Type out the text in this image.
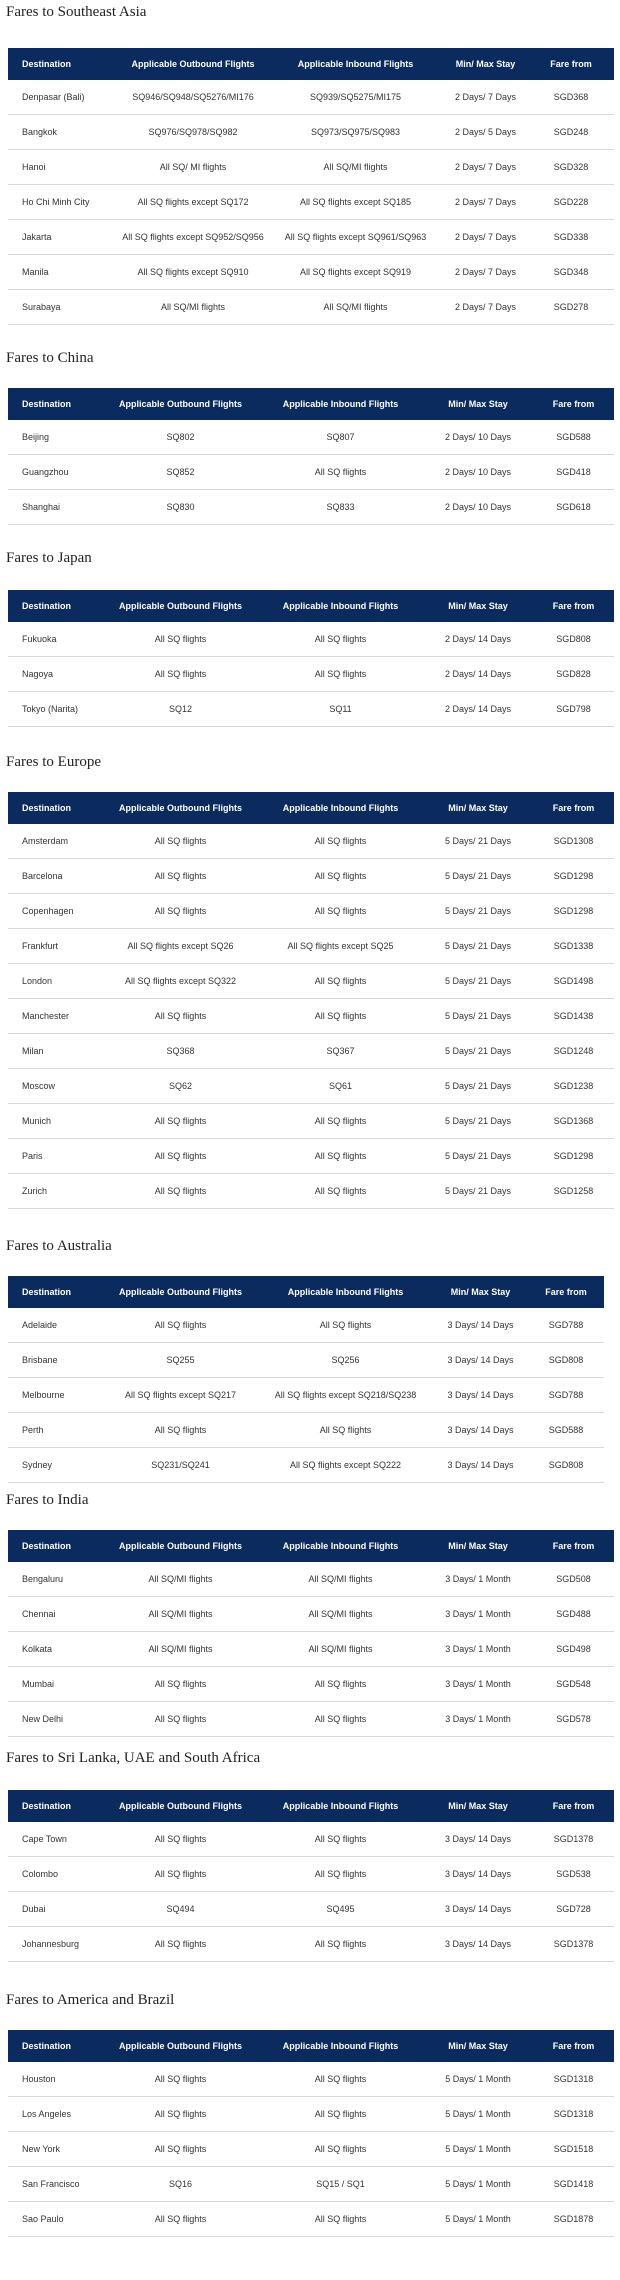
Fares to Southeast Asia
Destination	Applicable Outbound Flights	Applicable Inbound Flights	Min/ Max Stay	Fare from
Denpasar (Bali)	SQ946/SQ948/SQ5276/MI176	SQ939/SQ5275/MI175	2 Days/ 7 Days	SGD368
Bangkok	SQ976/SQ978/SQ982	SQ973/SQ975/SQ983	2 Days/ 5 Days	SGD248
Hanoi	All SQ/ MI flights	All SQ/MI flights	2 Days/ 7 Days	SGD328
Ho Chi Minh City	All SQ flights except SQ172	All SQ flights except SQ185	2 Days/ 7 Days	SGD228
Jakarta	All SQ flights except SQ952/SQ956	All SQ flights except SQ961/SQ963	2 Days/ 7 Days	SGD338
Manila	All SQ flights except SQ910	All SQ flights except SQ919	2 Days/ 7 Days	SGD348
Surabaya	All SQ/MI flights	All SQ/MI flights	2 Days/ 7 Days	SGD278
Fares to China
Destination	Applicable Outbound Flights	Applicable Inbound Flights	Min/ Max Stay	Fare from
Beijing	SQ802	SQ807	2 Days/ 10 Days	SGD588
Guangzhou	SQ852	All SQ flights	2 Days/ 10 Days	SGD418
Shanghai	SQ830	SQ833	2 Days/ 10 Days	SGD618
Fares to Japan
Destination	Applicable Outbound Flights	Applicable Inbound Flights	Min/ Max Stay	Fare from
Fukuoka	All SQ flights	All SQ flights	2 Days/ 14 Days	SGD808
Nagoya	All SQ flights	All SQ flights	2 Days/ 14 Days	SGD828
Tokyo (Narita)	SQ12	SQ11	2 Days/ 14 Days	SGD798
Fares to Europe
Destination	Applicable Outbound Flights	Applicable Inbound Flights	Min/ Max Stay	Fare from
Amsterdam	All SQ flights	All SQ flights	5 Days/ 21 Days	SGD1308
Barcelona	All SQ flights	All SQ flights	5 Days/ 21 Days	SGD1298
Copenhagen	All SQ flights	All SQ flights	5 Days/ 21 Days	SGD1298
Frankfurt	All SQ flights except SQ26	All SQ flights except SQ25	5 Days/ 21 Days	SGD1338
London	All SQ flights except SQ322	All SQ flights	5 Days/ 21 Days	SGD1498
Manchester	All SQ flights	All SQ flights	5 Days/ 21 Days	SGD1438
Milan	SQ368	SQ367	5 Days/ 21 Days	SGD1248
Moscow	SQ62	SQ61	5 Days/ 21 Days	SGD1238
Munich	All SQ flights	All SQ flights	5 Days/ 21 Days	SGD1368
Paris	All SQ flights	All SQ flights	5 Days/ 21 Days	SGD1298
Zurich	All SQ flights	All SQ flights	5 Days/ 21 Days	SGD1258
Fares to Australia
Destination	Applicable Outbound Flights	Applicable Inbound Flights	Min/ Max Stay	Fare from
Adelaide	All SQ flights	All SQ flights	3 Days/ 14 Days	SGD788
Brisbane	SQ255	SQ256	3 Days/ 14 Days	SGD808
Melbourne	All SQ flights except SQ217	All SQ flights except SQ218/SQ238	3 Days/ 14 Days	SGD788
Perth	All SQ flights	All SQ flights	3 Days/ 14 Days	SGD588
Sydney	SQ231/SQ241	All SQ flights except SQ222	3 Days/ 14 Days	SGD808
Fares to India
Destination	Applicable Outbound Flights	Applicable Inbound Flights	Min/ Max Stay	Fare from
Bengaluru	All SQ/MI flights	All SQ/MI flights	3 Days/ 1 Month	SGD508
Chennai	All SQ/MI flights	All SQ/MI flights	3 Days/ 1 Month	SGD488
Kolkata	All SQ/MI flights	All SQ/MI flights	3 Days/ 1 Month	SGD498
Mumbai	All SQ flights	All SQ flights	3 Days/ 1 Month	SGD548
New Delhi	All SQ flights	All SQ flights	3 Days/ 1 Month	SGD578
Fares to Sri Lanka, UAE and South Africa
Destination	Applicable Outbound Flights	Applicable Inbound Flights	Min/ Max Stay	Fare from
Cape Town	All SQ flights	All SQ flights	3 Days/ 14 Days	SGD1378
Colombo	All SQ flights	All SQ flights	3 Days/ 14 Days	SGD538
Dubai	SQ494	SQ495	3 Days/ 14 Days	SGD728
Johannesburg	All SQ flights	All SQ flights	3 Days/ 14 Days	SGD1378
Fares to America and Brazil
Destination	Applicable Outbound Flights	Applicable Inbound Flights	Min/ Max Stay	Fare from
Houston	All SQ flights	All SQ flights	5 Days/ 1 Month	SGD1318
Los Angeles	All SQ flights	All SQ flights	5 Days/ 1 Month	SGD1318
New York	All SQ flights	All SQ flights	5 Days/ 1 Month	SGD1518
San Francisco	SQ16	SQ15 / SQ1	5 Days/ 1 Month	SGD1418
Sao Paulo	All SQ flights	All SQ flights	5 Days/ 1 Month	SGD1878
